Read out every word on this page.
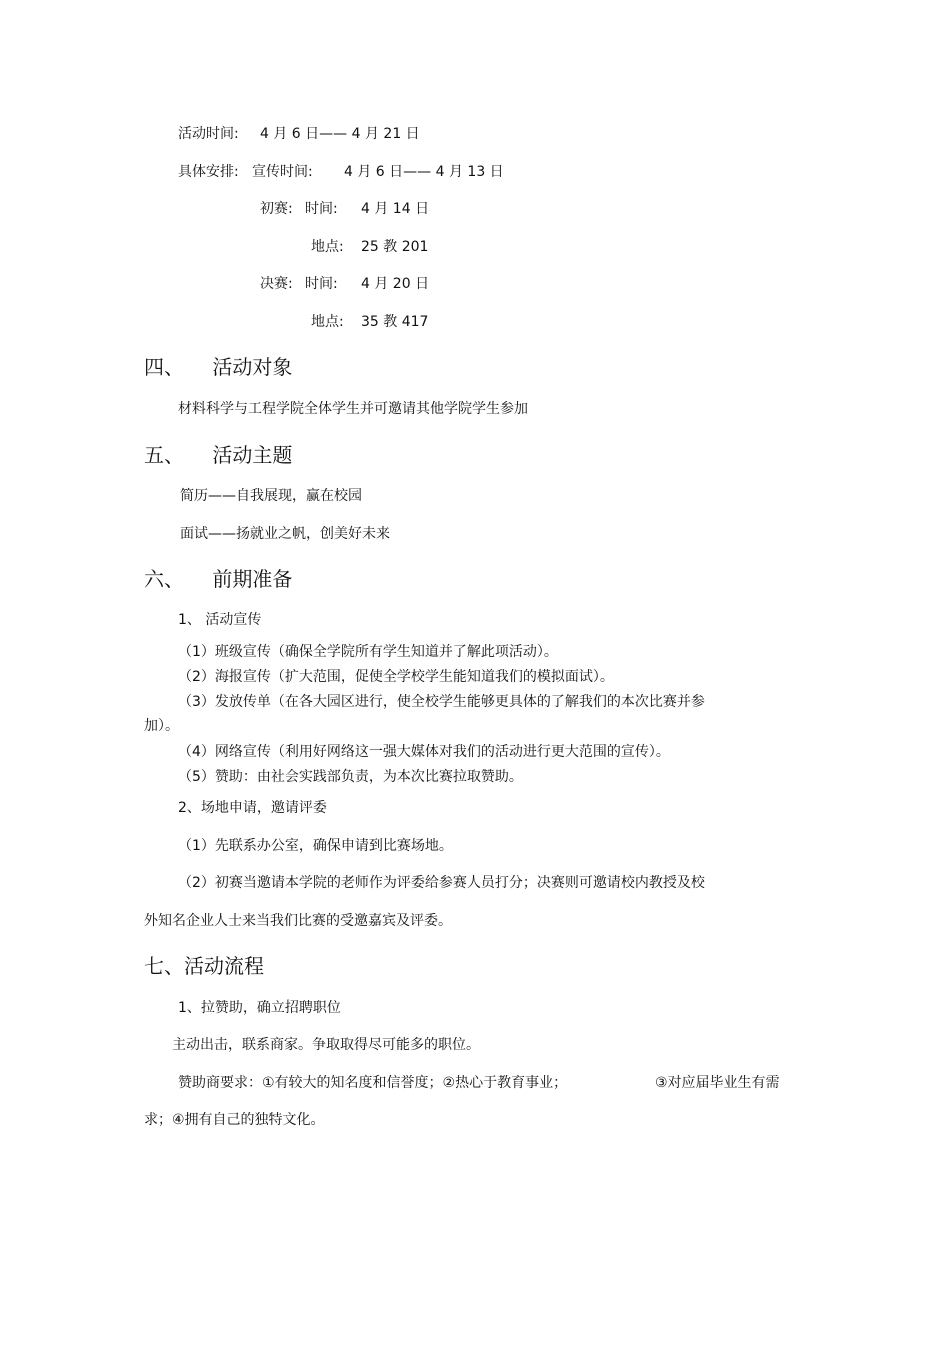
活动时间: 4 月 6 日—— 4 月 21 日
具体安排: 宣传时间: 4 月 6 日—— 4 月 13 日
初赛: 时间: 4 月 14 日
地点: 25 教 201
决赛: 时间: 4 月 20 日
地点: 35 教 417
四、 活动对象
材料科学与工程学院全体学生并可邀请其他学院学生参加
五、 活动主题
简历——自我展现，赢在校园
面试——扬就业之帆，创美好未来
六、 前期准备
1、 活动宣传
（1）班级宣传（确保全学院所有学生知道并了解此项活动）。
（2）海报宣传（扩大范围，促使全学校学生能知道我们的模拟面试）。
（3）发放传单（在各大园区进行，使全校学生能够更具体的了解我们的本次比赛并参
加）。
（4）网络宣传（利用好网络这一强大媒体对我们的活动进行更大范围的宣传）。
（5）赞助：由社会实践部负责，为本次比赛拉取赞助。
2、场地申请，邀请评委
（1）先联系办公室，确保申请到比赛场地。
（2）初赛当邀请本学院的老师作为评委给参赛人员打分；决赛则可邀请校内教授及校
外知名企业人士来当我们比赛的受邀嘉宾及评委。
七、活动流程
1、拉赞助，确立招聘职位
主动出击，联系商家。争取取得尽可能多的职位。
赞助商要求：①有较大的知名度和信誉度；②热心于教育事业；	③对应届毕业生有需
求；④拥有自己的独特文化。
